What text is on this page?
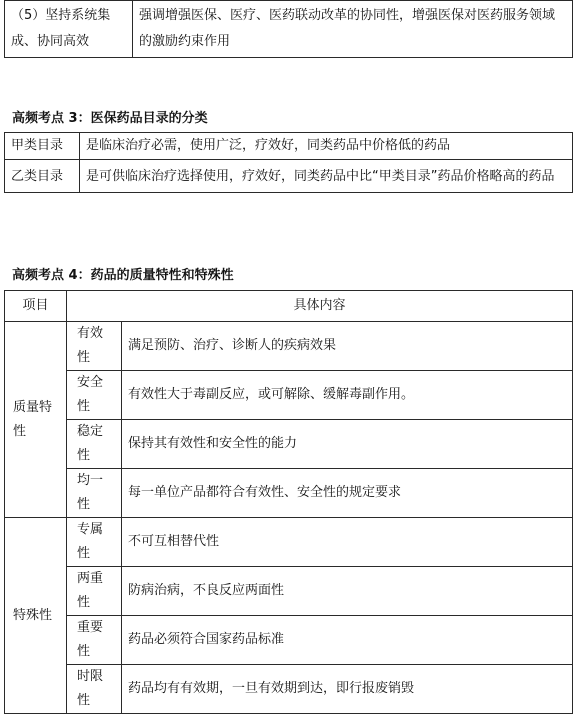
（5）坚持系统集成、协同高效	强调增强医保、医疗、医药联动改革的协同性，增强医保对医药服务领域的激励约束作用
高频考点 3：医保药品目录的分类
甲类目录	是临床治疗必需，使用广泛，疗效好，同类药品中价格低的药品
乙类目录	是可供临床治疗选择使用，疗效好，同类药品中比“甲类目录”药品价格略高的药品
高频考点 4：药品的质量特性和特殊性
项目	具体内容	
质量特性	有效性	满足预防、治疗、诊断人的疾病效果
	安全性	有效性大于毒副反应，或可解除、缓解毒副作用。
	稳定性	保持其有效性和安全性的能力
	均一性	每一单位产品都符合有效性、安全性的规定要求
特殊性	专属性	不可互相替代性
	两重性	防病治病，不良反应两面性
	重要性	药品必须符合国家药品标准
	时限性	药品均有有效期，一旦有效期到达，即行报废销毁
